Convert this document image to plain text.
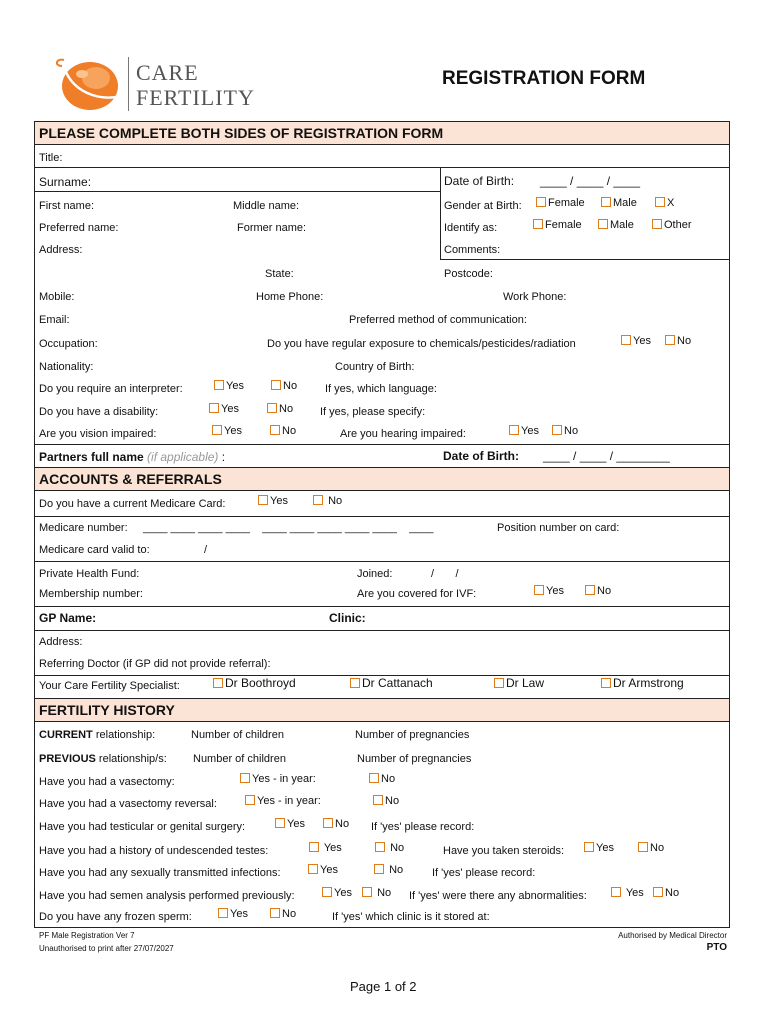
CARE
FERTILITY
REGISTRATION FORM
PLEASE COMPLETE BOTH SIDES OF REGISTRATION FORM
Title:
Surname:	Date of Birth: ____ / ____ / ____
First name:	Middle name:	Gender at Birth:	Female	Male	X
Preferred name:	Former name:	Identify as:	Female	Male	Other
Address:	Comments:
State:	Postcode:
Mobile:	Home Phone:	Work Phone:
Email:	Preferred method of communication:
Occupation:	Do you have regular exposure to chemicals/pesticides/radiation	Yes	No
Nationality:	Country of Birth:
Do you require an interpreter:	Yes	No	If yes, which language:
Do you have a disability:	Yes	No If yes, please specify:
Are you vision impaired:	Yes	No	Are you hearing impaired:	Yes	No
Partners full name (if applicable) :	Date of Birth: ____ / ____ / ________
ACCOUNTS & REFERRALS
Do you have a current Medicare Card:	Yes	No
Medicare number: ____ ____ ____ ____    ____ ____ ____ ____ ____    ____	Position number on card:
Medicare card valid to:	/
Private Health Fund:	Joined:	/       /
Membership number:	Are you covered for IVF:	Yes	No
GP Name:	Clinic:
Address:
Referring Doctor (if GP did not provide referral):
Your Care Fertility Specialist:	Dr Boothroyd	Dr Cattanach	Dr Law	Dr Armstrong
FERTILITY HISTORY
CURRENT relationship:	Number of children	Number of pregnancies
PREVIOUS relationship/s: Number of children	Number of pregnancies
Have you had a vasectomy:	Yes - in year:	No
Have you had a vasectomy reversal:	Yes - in year:	No
Have you had testicular or genital surgery:	Yes	No If 'yes' please record:
Have you had a history of undescended testes:	Yes	No	Have you taken steroids:	Yes	No
Have you had any sexually transmitted infections:	Yes	No	If 'yes' please record:
Have you had semen analysis performed previously:	Yes	No If 'yes' were there any abnormalities:	Yes	No
Do you have any frozen sperm:	Yes	No	If 'yes' which clinic is it stored at:
PF Male Registration Ver 7
Unauthorised to print after 27/07/2027
Authorised by Medical Director
PTO
Page 1 of 2
